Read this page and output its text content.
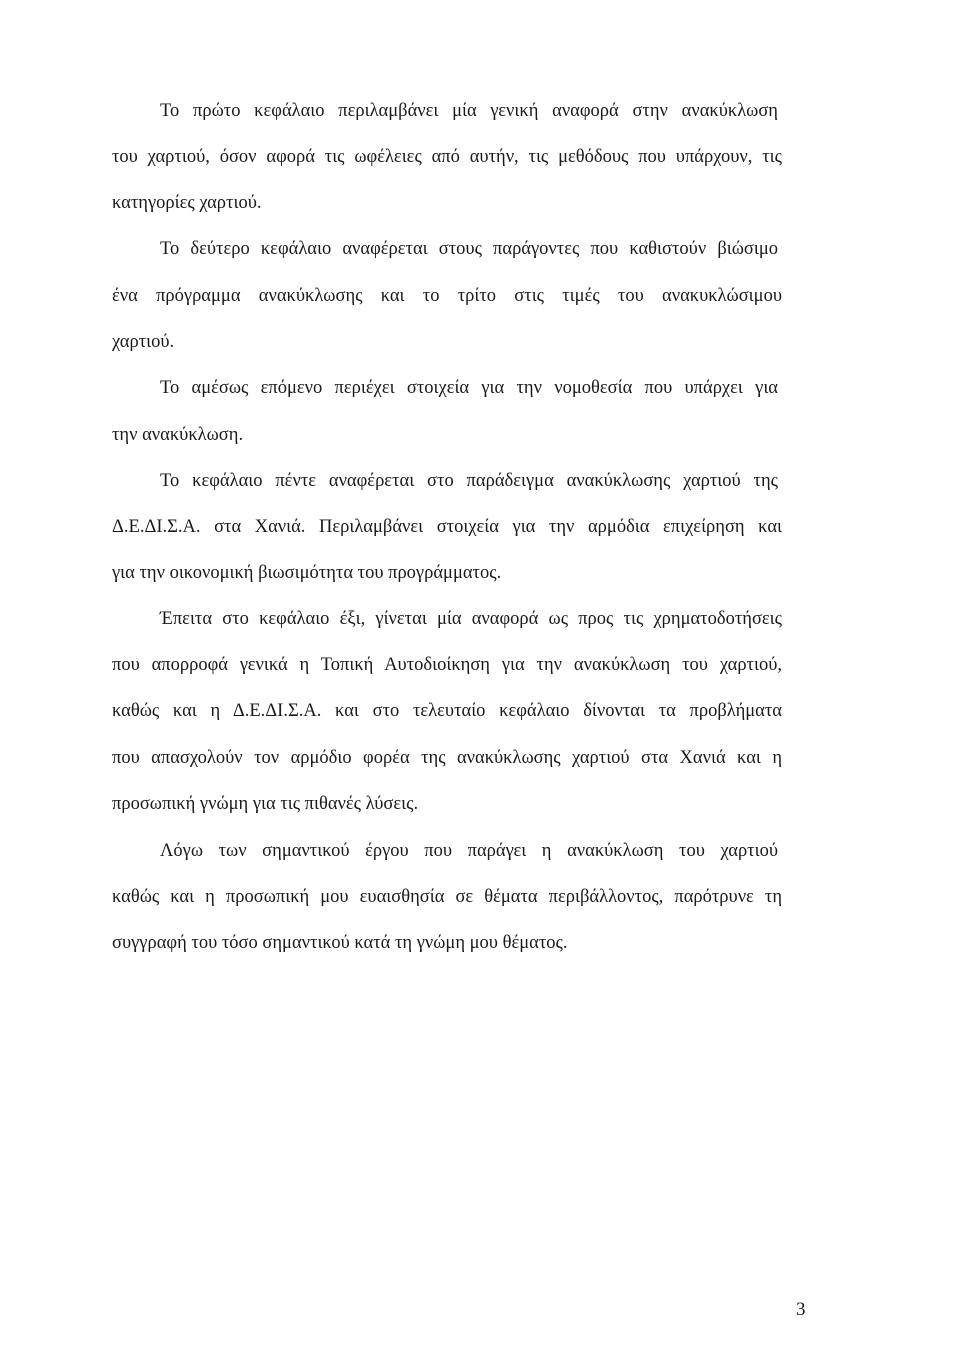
Το πρώτο κεφάλαιο περιλαμβάνει μία γενική αναφορά στην ανακύκλωση
του χαρτιού, όσον αφορά τις ωφέλειες από αυτήν, τις μεθόδους που υπάρχουν, τις
κατηγορίες χαρτιού.
Το δεύτερο κεφάλαιο αναφέρεται στους παράγοντες που καθιστούν βιώσιμο
ένα πρόγραμμα ανακύκλωσης και το τρίτο στις τιμές του ανακυκλώσιμου
χαρτιού.
Το αμέσως επόμενο περιέχει στοιχεία για την νομοθεσία που υπάρχει για
την ανακύκλωση.
Το κεφάλαιο πέντε αναφέρεται στο παράδειγμα ανακύκλωσης χαρτιού της
Δ.Ε.ΔΙ.Σ.Α. στα Χανιά. Περιλαμβάνει στοιχεία για την αρμόδια επιχείρηση και
για την οικονομική βιωσιμότητα του προγράμματος.
Έπειτα στο κεφάλαιο έξι, γίνεται μία αναφορά ως προς τις χρηματοδοτήσεις
που απορροφά γενικά η Τοπική Αυτοδιοίκηση για την ανακύκλωση του χαρτιού,
καθώς και η Δ.Ε.ΔΙ.Σ.Α. και στο τελευταίο κεφάλαιο δίνονται τα προβλήματα
που απασχολούν τον αρμόδιο φορέα της ανακύκλωσης χαρτιού στα Χανιά και η
προσωπική γνώμη για τις πιθανές λύσεις.
Λόγω των σημαντικού έργου που παράγει η ανακύκλωση του χαρτιού
καθώς και η προσωπική μου ευαισθησία σε θέματα περιβάλλοντος, παρότρυνε τη
συγγραφή του τόσο σημαντικού κατά τη γνώμη μου θέματος.
3
